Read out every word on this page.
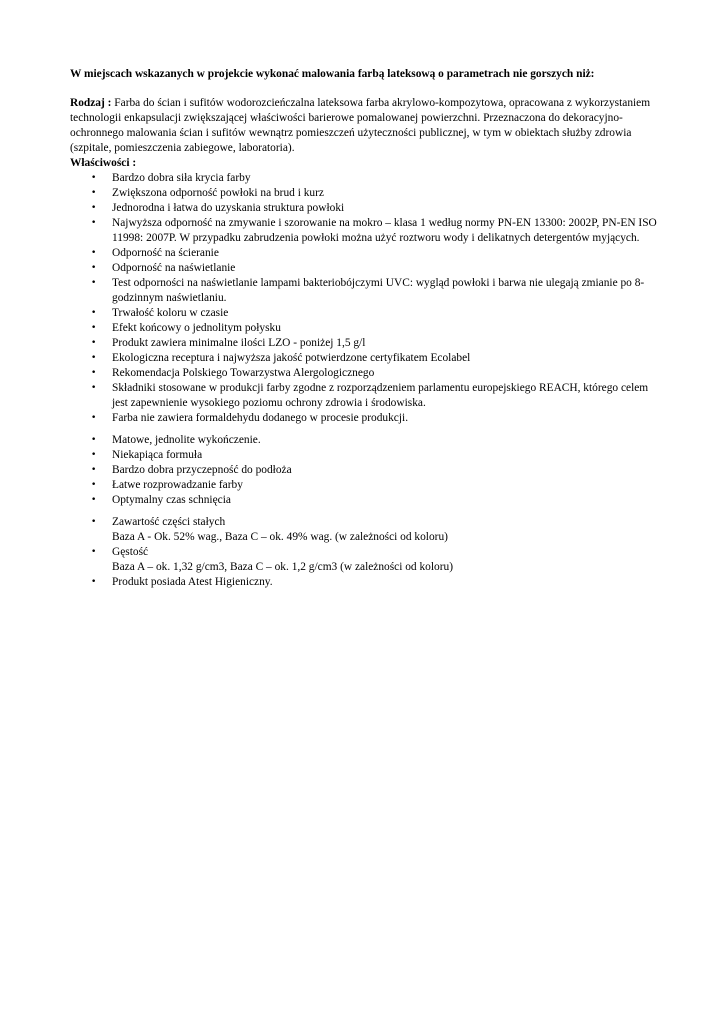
W miejscach wskazanych w projekcie wykonać malowania farbą lateksową o parametrach nie gorszych niż:

Rodzaj : Farba do ścian i sufitów wodorozcieńczalna lateksowa farba akrylowo-kompozytowa, opracowana z wykorzystaniem technologii enkapsulacji zwiększającej właściwości barierowe pomalowanej powierzchni. Przeznaczona do dekoracyjno-ochronnego malowania ścian i sufitów wewnątrz pomieszczeń użyteczności publicznej, w tym w obiektach służby zdrowia (szpitale, pomieszczenia zabiegowe, laboratoria).

Właściwości :

• Bardzo dobra siła krycia farby
• Zwiększona odporność powłoki na brud i kurz
• Jednorodna i łatwa do uzyskania struktura powłoki
• Najwyższa odporność na zmywanie i szorowanie na mokro – klasa 1 według normy PN-EN 13300: 2002P, PN-EN ISO 11998: 2007P. W przypadku zabrudzenia powłoki można użyć roztworu wody i delikatnych detergentów myjących.
• Odporność na ścieranie
• Odporność na naświetlanie
• Test odporności na naświetlanie lampami bakteriobójczymi UVC: wygląd powłoki i barwa nie ulegają zmianie po 8-godzinnym naświetlaniu.
• Trwałość koloru w czasie
• Efekt końcowy o jednolitym połysku
• Produkt zawiera minimalne ilości LZO - poniżej 1,5 g/l
• Ekologiczna receptura i najwyższa jakość potwierdzone certyfikatem Ecolabel
• Rekomendacja Polskiego Towarzystwa Alergologicznego
• Składniki stosowane w produkcji farby zgodne z rozporządzeniem parlamentu europejskiego REACH, którego celem jest zapewnienie wysokiego poziomu ochrony zdrowia i środowiska.
• Farba nie zawiera formaldehydu dodanego w procesie produkcji.
• Matowe, jednolite wykończenie.
• Niekapiąca formuła
• Bardzo dobra przyczepność do podłoża
• Łatwe rozprowadzanie farby
• Optymalny czas schnięcia
• Zawartość części stałych
Baza A - Ok. 52% wag., Baza C – ok. 49% wag. (w zależności od koloru)
• Gęstość
Baza A – ok. 1,32 g/cm3, Baza C – ok. 1,2 g/cm3 (w zależności od koloru)
• Produkt posiada Atest Higieniczny.
